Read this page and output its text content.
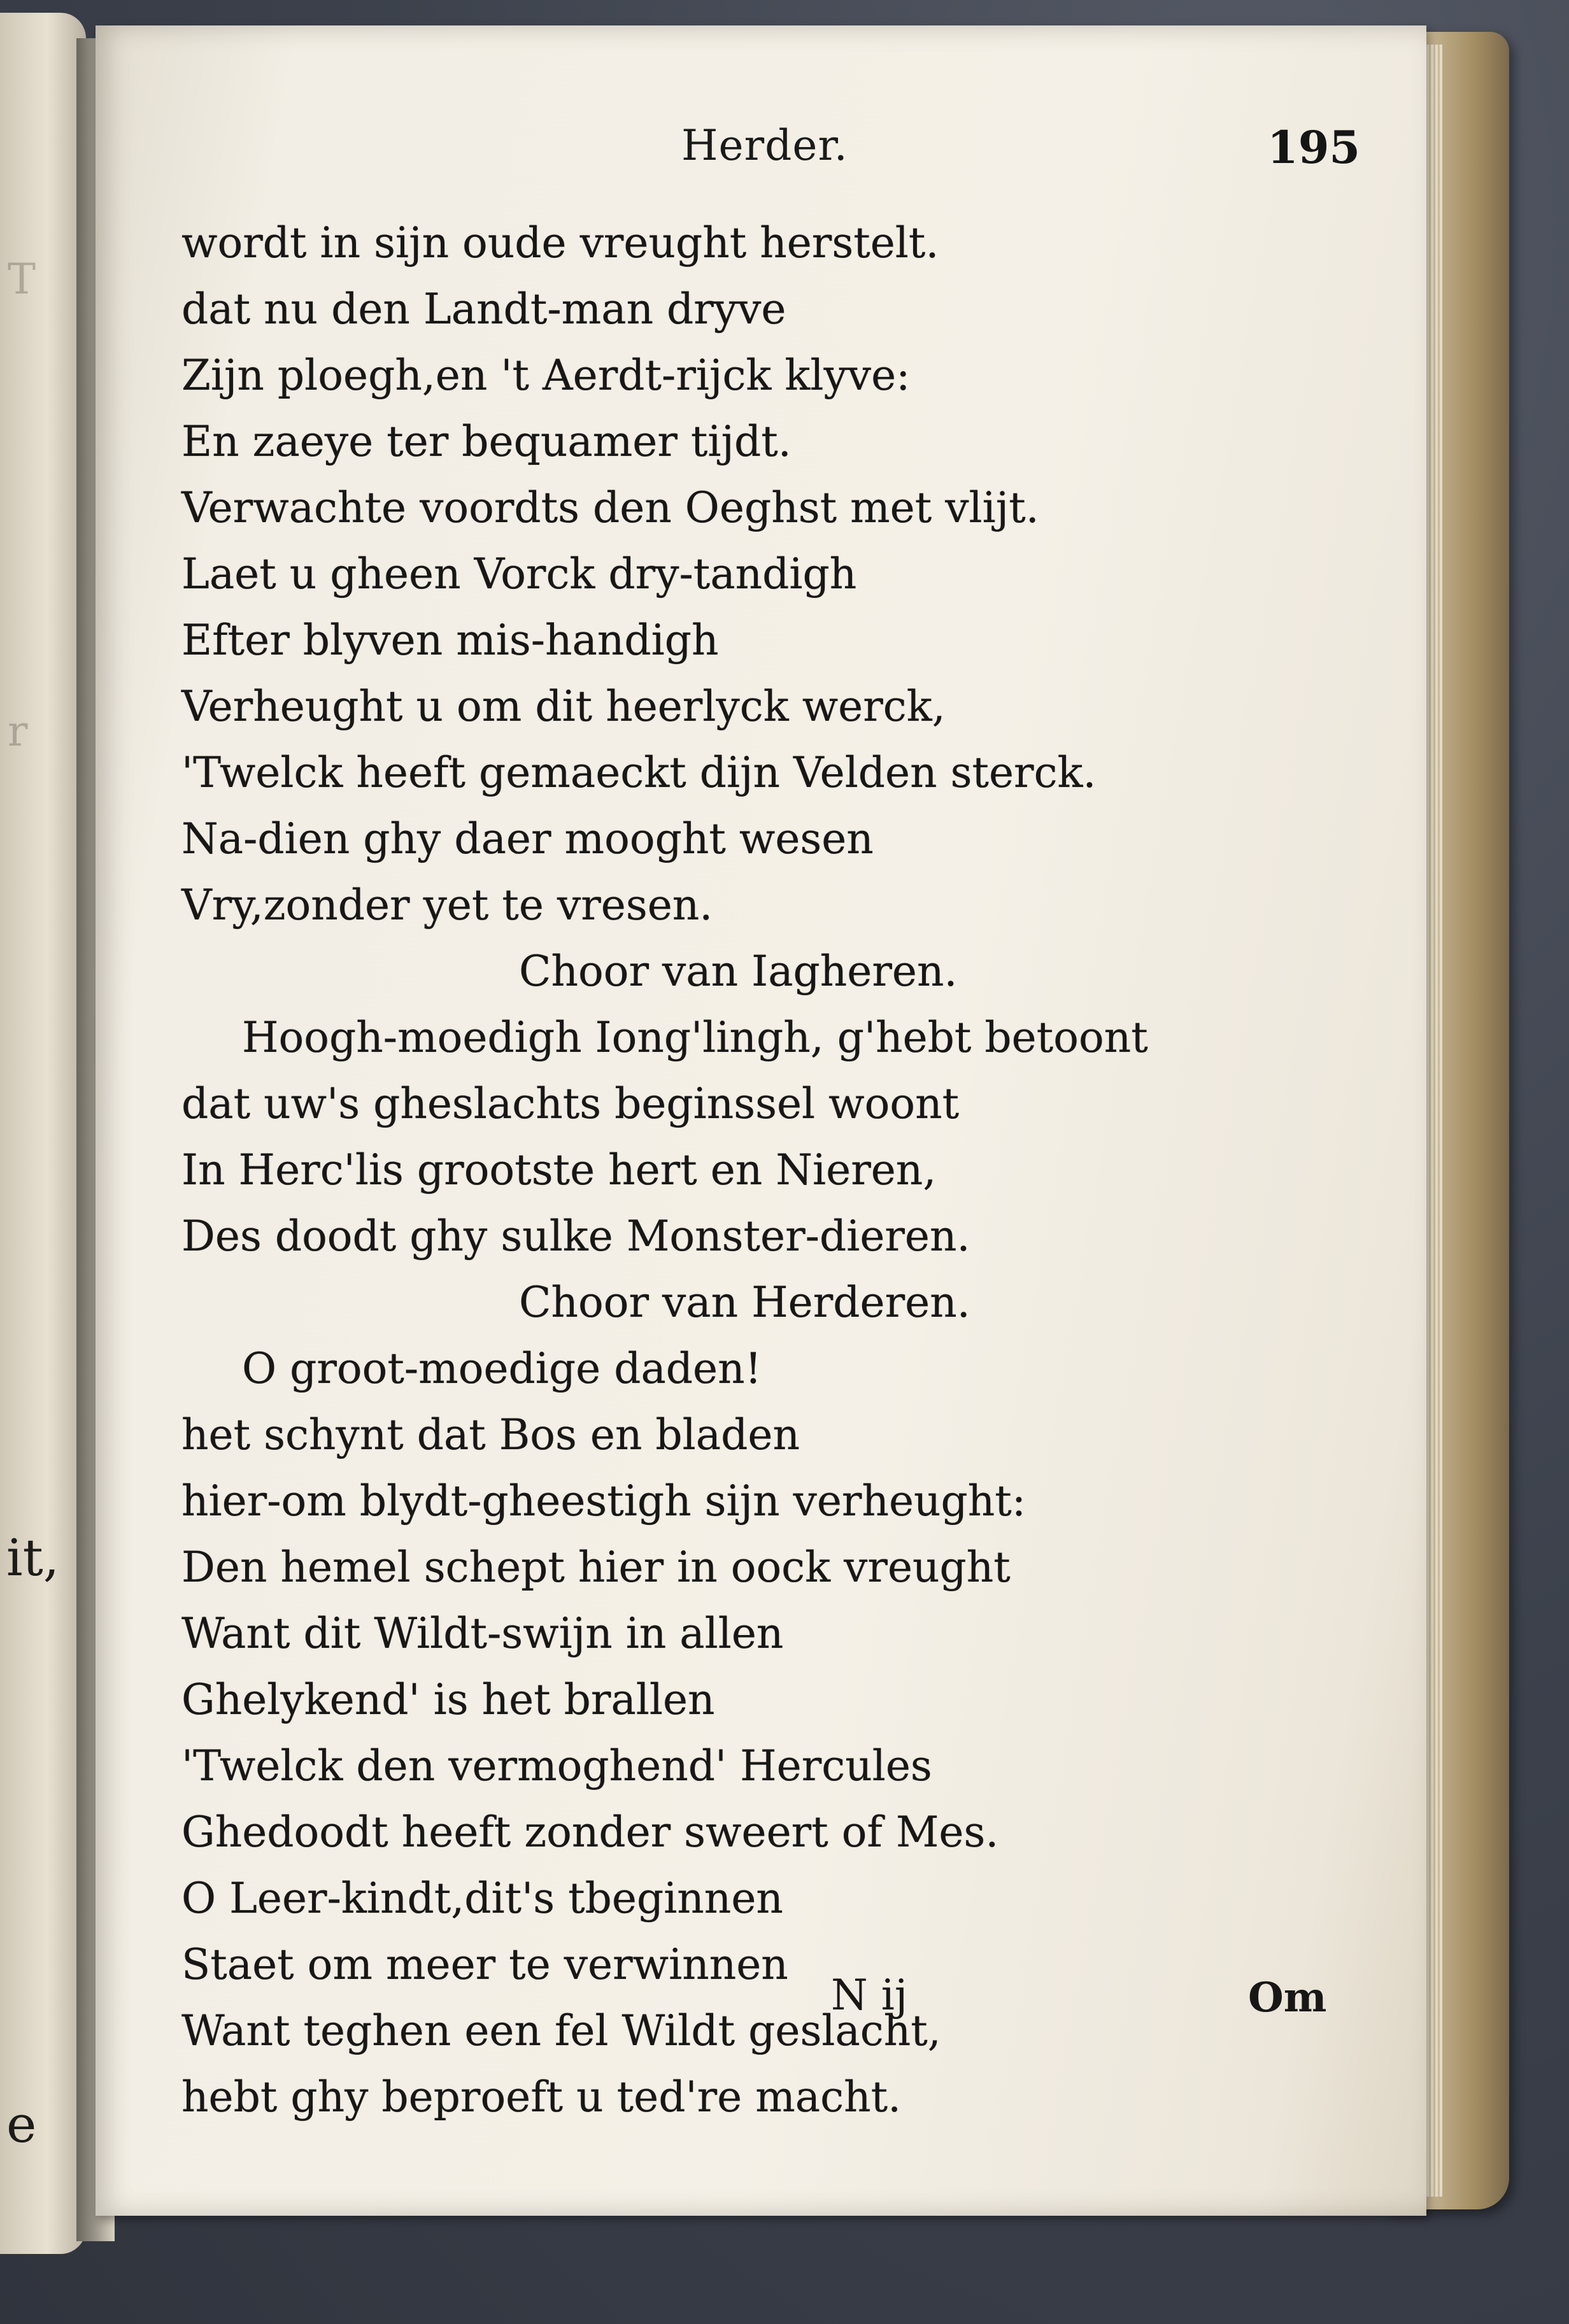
T
r
it,
e
Herder.	195
wordt in sijn oude vreught herstelt.
dat nu den Landt-man dryve
Zijn ploegh,en 't Aerdt-rijck klyve:
En zaeye ter bequamer tijdt.
Verwachte voordts den Oeghst met vlijt.
Laet u gheen Vorck dry-tandigh
Efter blyven mis-handigh
Verheught u om dit heerlyck werck,
'Twelck heeft gemaeckt dijn Velden sterck.
Na-dien ghy daer mooght wesen
Vry,zonder yet te vresen.
Choor van Iagheren.
Hoogh-moedigh Iong'lingh, g'hebt betoont
dat uw's gheslachts beginssel woont
In Herc'lis grootste hert en Nieren,
Des doodt ghy sulke Monster-dieren.
Choor van Herderen.
O groot-moedige daden!
het schynt dat Bos en bladen
hier-om blydt-gheestigh sijn verheught:
Den hemel schept hier in oock vreught
Want dit Wildt-swijn in allen
Ghelykend' is het brallen
'Twelck den vermoghend' Hercules
Ghedoodt heeft zonder sweert of Mes.
O Leer-kindt,dit's tbeginnen
Staet om meer te verwinnen
Want teghen een fel Wildt geslacht,
hebt ghy beproeft u ted're macht.
N ij	Om
